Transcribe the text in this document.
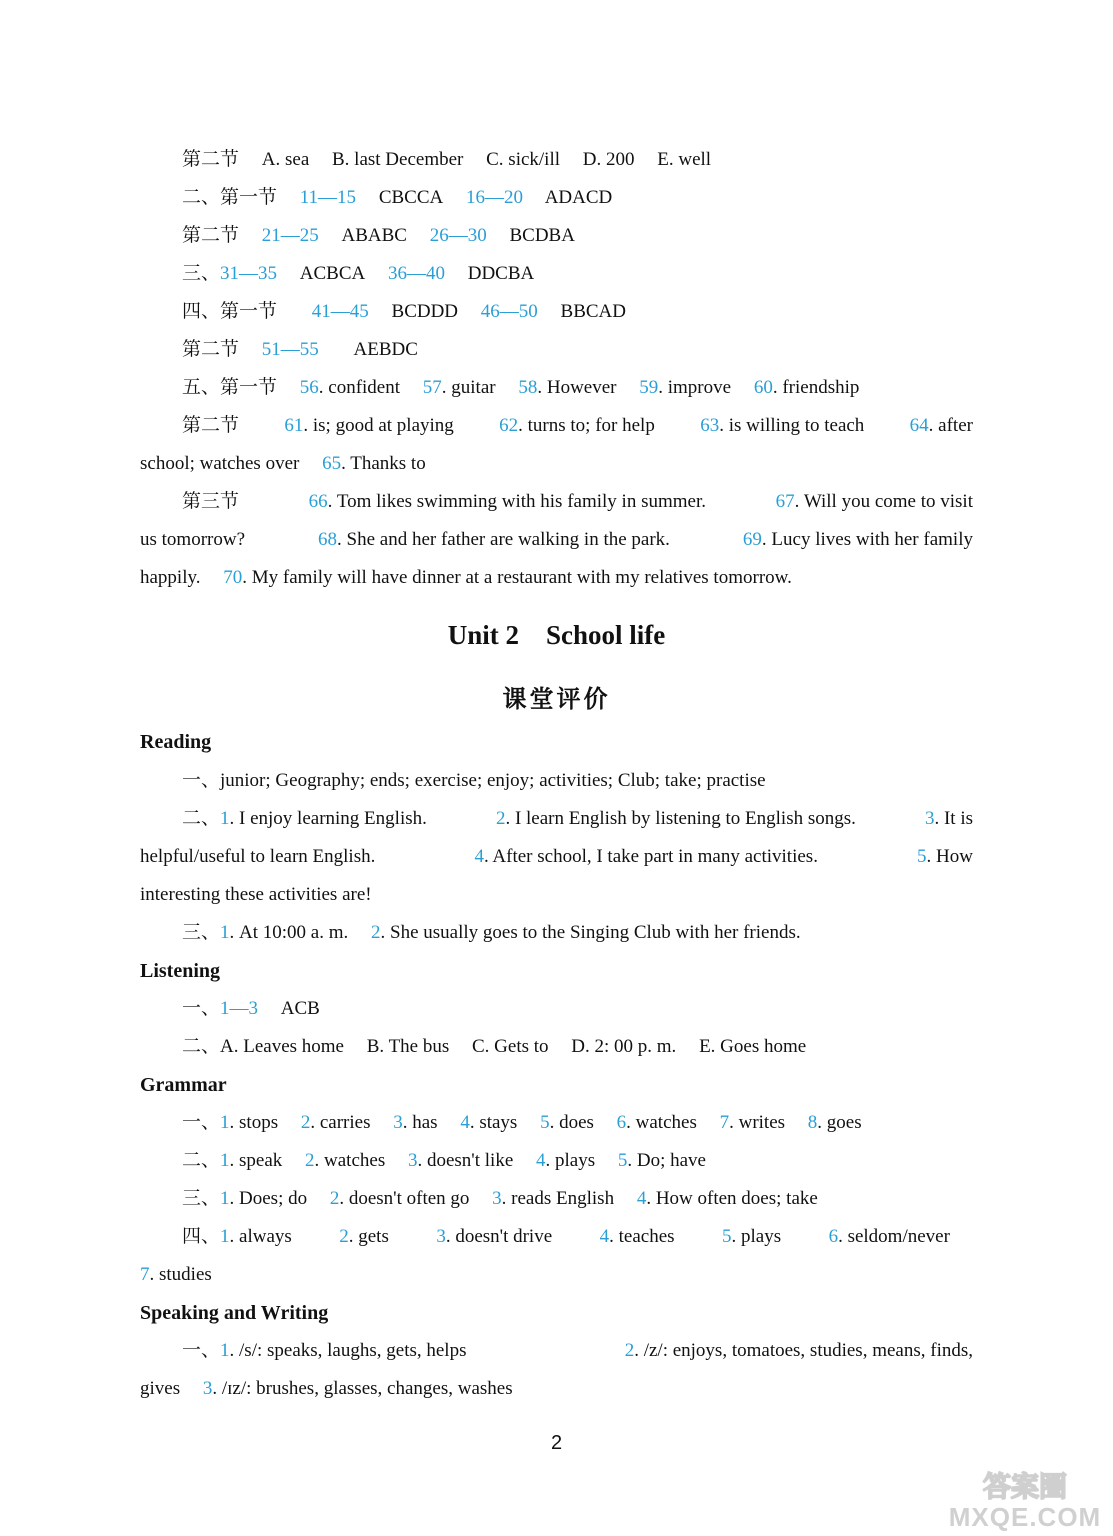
第二节 A. sea B. last December C. sick/ill D. 200 E. well
二、第一节 11—15 CBCCA 16—20 ADACD
第二节 21—25 ABABC 26—30 BCDBA
三、31—35 ACBCA 36—40 DDCBA
四、第一节 41—45 BCDDD 46—50 BBCAD
第二节 51—55 AEBDC
五、第一节 56. confident 57. guitar 58. However 59. improve 60. friendship
第二节 61. is; good at playing 62. turns to; for help 63. is willing to teach 64. after
school; watches over 65. Thanks to
第三节	66. Tom likes swimming with his family in summer.	67. Will you come to visit
us tomorrow?	68. She and her father are walking in the park.	69. Lucy lives with her family
happily. 70. My family will have dinner at a restaurant with my relatives tomorrow.
Unit 2    School life
课堂评价
Reading
一、junior; Geography; ends; exercise; enjoy; activities; Club; take; practise
二、1. I enjoy learning English.	2. I learn English by listening to English songs.	3. It is
helpful/useful to learn English.	4. After school, I take part in many activities.	5. How
interesting these activities are!
三、1. At 10:00 a. m. 2. She usually goes to the Singing Club with her friends.
Listening
一、1—3 ACB
二、A. Leaves home B. The bus C. Gets to D. 2: 00 p. m. E. Goes home
Grammar
一、1. stops 2. carries 3. has 4. stays 5. does 6. watches 7. writes 8. goes
二、1. speak 2. watches 3. doesn't like 4. plays 5. Do; have
三、1. Does; do 2. doesn't often go 3. reads English 4. How often does; take
四、1. always 2. gets 3. doesn't drive 4. teaches 5. plays 6. seldom/never
7. studies
Speaking and Writing
一、1. /s/: speaks, laughs, gets, helps	2. /z/: enjoys, tomatoes, studies, means, finds,
gives 3. /ɪz/: brushes, glasses, changes, washes
2
答案圈
MXQE.COM
